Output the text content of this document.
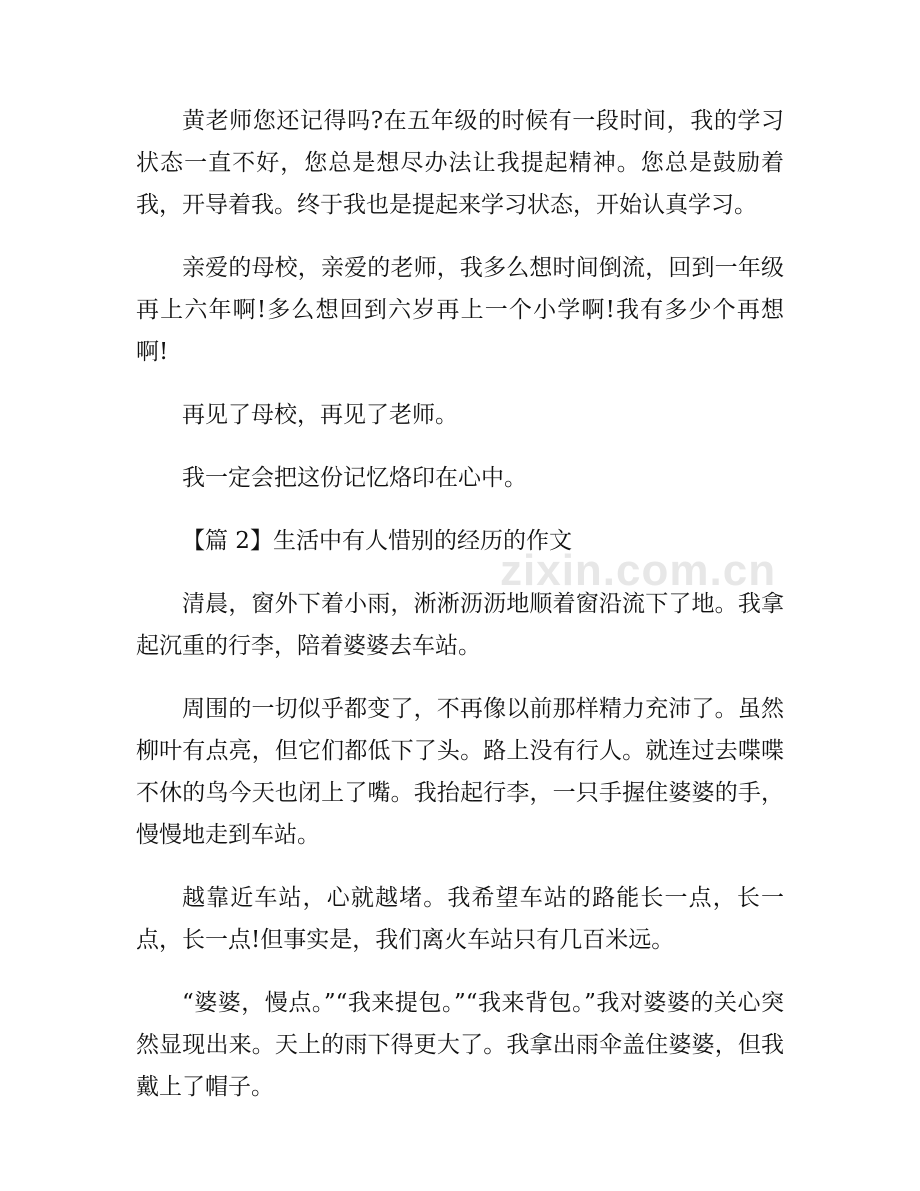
黄老师您还记得吗?在五年级的时候有一段时间，我的学习状态一直不好，您总是想尽办法让我提起精神。您总是鼓励着我，开导着我。终于我也是提起来学习状态，开始认真学习。

亲爱的母校，亲爱的老师，我多么想时间倒流，回到一年级再上六年啊!多么想回到六岁再上一个小学啊!我有多少个再想啊!

再见了母校，再见了老师。

我一定会把这份记忆烙印在心中。

【篇 2】生活中有人惜别的经历的作文

清晨，窗外下着小雨，淅淅沥沥地顺着窗沿流下了地。我拿起沉重的行李，陪着婆婆去车站。

周围的一切似乎都变了，不再像以前那样精力充沛了。虽然柳叶有点亮，但它们都低下了头。路上没有行人。就连过去喋喋不休的鸟今天也闭上了嘴。我抬起行李，一只手握住婆婆的手，慢慢地走到车站。

越靠近车站，心就越堵。我希望车站的路能长一点，长一点，长一点!但事实是，我们离火车站只有几百米远。

“婆婆，慢点。”“我来提包。”“我来背包。”我对婆婆的关心突然显现出来。天上的雨下得更大了。我拿出雨伞盖住婆婆，但我戴上了帽子。

zixin.com.cn
